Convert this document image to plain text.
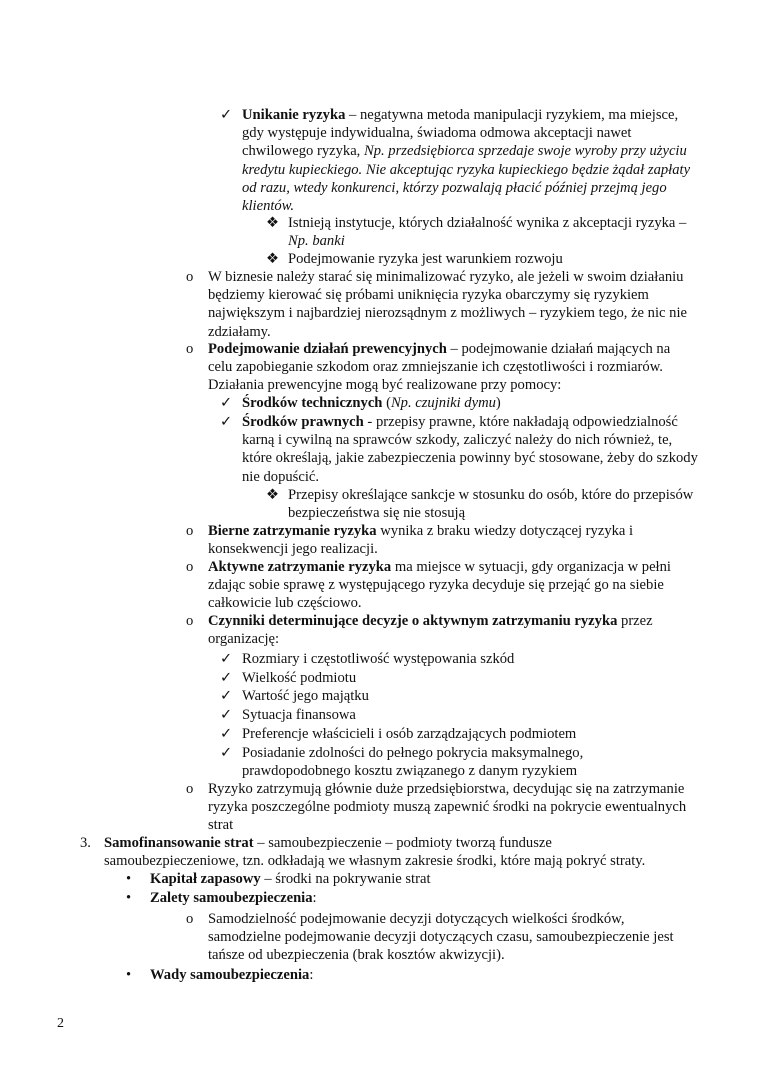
✓ Unikanie ryzyka – negatywna metoda manipulacji ryzykiem, ma miejsce, gdy występuje indywidualna, świadoma odmowa akceptacji nawet chwilowego ryzyka, Np. przedsiębiorca sprzedaje swoje wyroby przy użyciu kredytu kupieckiego. Nie akceptując ryzyka kupieckiego będzie żądał zapłaty od razu, wtedy konkurenci, którzy pozwalają płacić później przejmą jego klientów.
❖ Istnieją instytucje, których działalność wynika z akceptacji ryzyka – Np. banki
❖ Podejmowanie ryzyka jest warunkiem rozwoju
o W biznesie należy starać się minimalizować ryzyko, ale jeżeli w swoim działaniu będziemy kierować się próbami uniknięcia ryzyka obarczymy się ryzykiem największym i najbardziej nierozsądnym z możliwych – ryzykiem tego, że nic nie zdziałamy.
o Podejmowanie działań prewencyjnych – podejmowanie działań mających na celu zapobieganie szkodom oraz zmniejszanie ich częstotliwości i rozmiarów. Działania prewencyjne mogą być realizowane przy pomocy:
✓ Środków technicznych (Np. czujniki dymu)
✓ Środków prawnych - przepisy prawne, które nakładają odpowiedzialność karną i cywilną na sprawców szkody, zaliczyć należy do nich również, te, które określają, jakie zabezpieczenia powinny być stosowane, żeby do szkody nie dopuścić.
❖ Przepisy określające sankcje w stosunku do osób, które do przepisów bezpieczeństwa się nie stosują
o Bierne zatrzymanie ryzyka wynika z braku wiedzy dotyczącej ryzyka i konsekwencji jego realizacji.
o Aktywne zatrzymanie ryzyka ma miejsce w sytuacji, gdy organizacja w pełni zdając sobie sprawę z występującego ryzyka decyduje się przejąć go na siebie całkowicie lub częściowo.
o Czynniki determinujące decyzje o aktywnym zatrzymaniu ryzyka przez organizację:
✓ Rozmiary i częstotliwość występowania szkód
✓ Wielkość podmiotu
✓ Wartość jego majątku
✓ Sytuacja finansowa
✓ Preferencje właścicieli i osób zarządzających podmiotem
✓ Posiadanie zdolności do pełnego pokrycia maksymalnego, prawdopodobnego kosztu związanego z danym ryzykiem
o Ryzyko zatrzymują głównie duże przedsiębiorstwa, decydując się na zatrzymanie ryzyka poszczególne podmioty muszą zapewnić środki na pokrycie ewentualnych strat
3. Samofinansowanie strat – samoubezpieczenie – podmioty tworzą fundusze samoubezpieczeniowe, tzn. odkładają we własnym zakresie środki, które mają pokryć straty.
• Kapitał zapasowy – środki na pokrywanie strat
• Zalety samoubezpieczenia:
o Samodzielność podejmowanie decyzji dotyczących wielkości środków, samodzielne podejmowanie decyzji dotyczących czasu, samoubezpieczenie jest tańsze od ubezpieczenia (brak kosztów akwizycji).
• Wady samoubezpieczenia:
2
